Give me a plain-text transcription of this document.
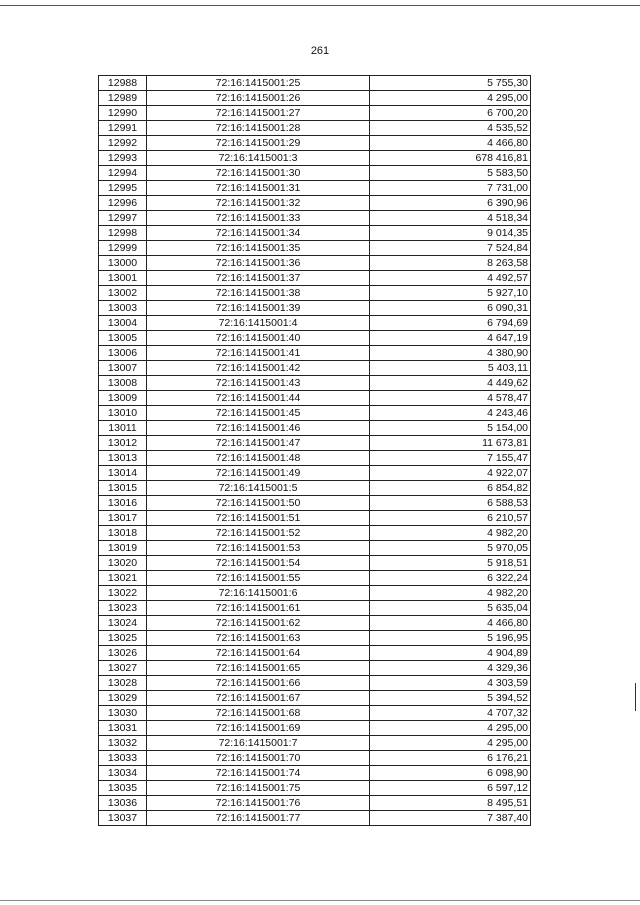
261
12988	72:16:1415001:25	5 755,30
12989	72:16:1415001:26	4 295,00
12990	72:16:1415001:27	6 700,20
12991	72:16:1415001:28	4 535,52
12992	72:16:1415001:29	4 466,80
12993	72:16:1415001:3	678 416,81
12994	72:16:1415001:30	5 583,50
12995	72:16:1415001:31	7 731,00
12996	72:16:1415001:32	6 390,96
12997	72:16:1415001:33	4 518,34
12998	72:16:1415001:34	9 014,35
12999	72:16:1415001:35	7 524,84
13000	72:16:1415001:36	8 263,58
13001	72:16:1415001:37	4 492,57
13002	72:16:1415001:38	5 927,10
13003	72:16:1415001:39	6 090,31
13004	72:16:1415001:4	6 794,69
13005	72:16:1415001:40	4 647,19
13006	72:16:1415001:41	4 380,90
13007	72:16:1415001:42	5 403,11
13008	72:16:1415001:43	4 449,62
13009	72:16:1415001:44	4 578,47
13010	72:16:1415001:45	4 243,46
13011	72:16:1415001:46	5 154,00
13012	72:16:1415001:47	11 673,81
13013	72:16:1415001:48	7 155,47
13014	72:16:1415001:49	4 922,07
13015	72:16:1415001:5	6 854,82
13016	72:16:1415001:50	6 588,53
13017	72:16:1415001:51	6 210,57
13018	72:16:1415001:52	4 982,20
13019	72:16:1415001:53	5 970,05
13020	72:16:1415001:54	5 918,51
13021	72:16:1415001:55	6 322,24
13022	72:16:1415001:6	4 982,20
13023	72:16:1415001:61	5 635,04
13024	72:16:1415001:62	4 466,80
13025	72:16:1415001:63	5 196,95
13026	72:16:1415001:64	4 904,89
13027	72:16:1415001:65	4 329,36
13028	72:16:1415001:66	4 303,59
13029	72:16:1415001:67	5 394,52
13030	72:16:1415001:68	4 707,32
13031	72:16:1415001:69	4 295,00
13032	72:16:1415001:7	4 295,00
13033	72:16:1415001:70	6 176,21
13034	72:16:1415001:74	6 098,90
13035	72:16:1415001:75	6 597,12
13036	72:16:1415001:76	8 495,51
13037	72:16:1415001:77	7 387,40
